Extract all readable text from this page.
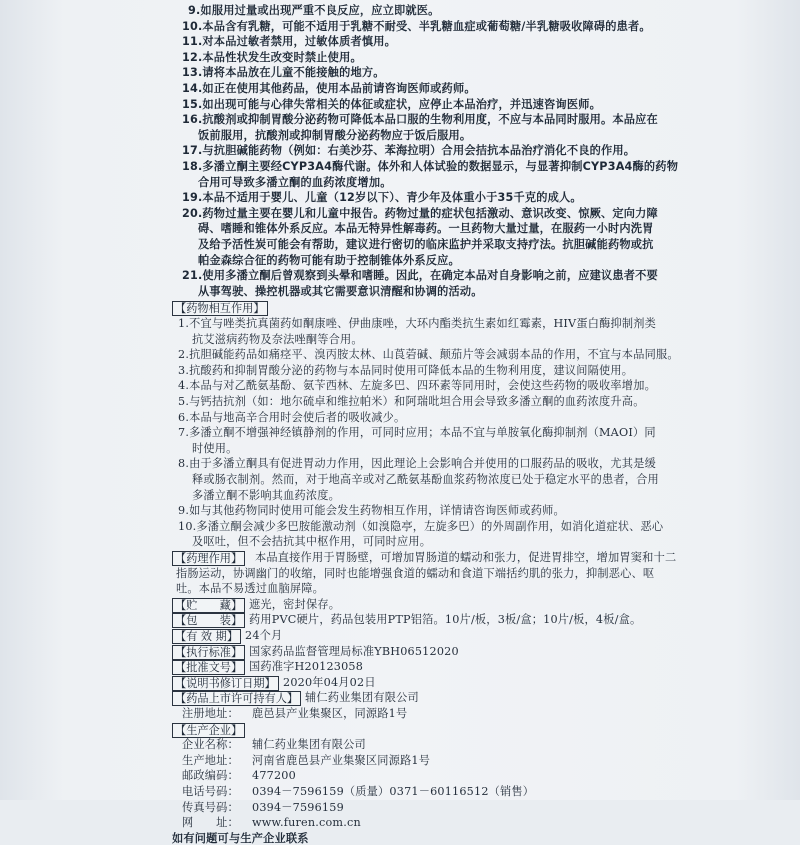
9.如服用过量或出现严重不良反应，应立即就医。
10.本品含有乳糖，可能不适用于乳糖不耐受、半乳糖血症或葡萄糖/半乳糖吸收障碍的患者。
11.对本品过敏者禁用，过敏体质者慎用。
12.本品性状发生改变时禁止使用。
13.请将本品放在儿童不能接触的地方。
14.如正在使用其他药品，使用本品前请咨询医师或药师。
15.如出现可能与心律失常相关的体征或症状，应停止本品治疗，并迅速咨询医师。
16.抗酸剂或抑制胃酸分泌药物可降低本品口服的生物利用度，不应与本品同时服用。本品应在
饭前服用，抗酸剂或抑制胃酸分泌药物应于饭后服用。
17.与抗胆碱能药物（例如：右美沙芬、苯海拉明）合用会拮抗本品治疗消化不良的作用。
18.多潘立酮主要经CYP3A4酶代谢。体外和人体试验的数据显示，与显著抑制CYP3A4酶的药物
合用可导致多潘立酮的血药浓度增加。
19.本品不适用于婴儿、儿童（12岁以下）、青少年及体重小于35千克的成人。
20.药物过量主要在婴儿和儿童中报告。药物过量的症状包括激动、意识改变、惊厥、定向力障
碍、嗜睡和锥体外系反应。本品无特异性解毒药。一旦药物大量过量，在服药一小时内洗胃
及给予活性炭可能会有帮助，建议进行密切的临床监护并采取支持疗法。抗胆碱能药物或抗
帕金森综合征的药物可能有助于控制锥体外系反应。
21.使用多潘立酮后曾观察到头晕和嗜睡。因此，在确定本品对自身影响之前，应建议患者不要
从事驾驶、操控机器或其它需要意识清醒和协调的活动。
【药物相互作用】
1.不宜与唑类抗真菌药如酮康唑、伊曲康唑，大环内酯类抗生素如红霉素，HIV蛋白酶抑制剂类
抗艾滋病药物及奈法唑酮等合用。
2.抗胆碱能药品如痛痉平、溴丙胺太林、山莨菪碱、颠茄片等会减弱本品的作用，不宜与本品同服。
3.抗酸药和抑制胃酸分泌的药物与本品同时使用可降低本品的生物利用度，建议间隔使用。
4.本品与对乙酰氨基酚、氨苄西林、左旋多巴、四环素等同用时，会使这些药物的吸收率增加。
5.与钙拮抗剂（如：地尔硫卓和维拉帕米）和阿瑞吡坦合用会导致多潘立酮的血药浓度升高。
6.本品与地高辛合用时会使后者的吸收减少。
7.多潘立酮不增强神经镇静剂的作用，可同时应用；本品不宜与单胺氧化酶抑制剂（MAOI）同
时使用。
8.由于多潘立酮具有促进胃动力作用，因此理论上会影响合并使用的口服药品的吸收，尤其是缓
释或肠衣制剂。然而，对于地高辛或对乙酰氨基酚血浆药物浓度已处于稳定水平的患者，合用
多潘立酮不影响其血药浓度。
9.如与其他药物同时使用可能会发生药物相互作用，详情请咨询医师或药师。
10.多潘立酮会减少多巴胺能激动剂（如溴隐亭，左旋多巴）的外周副作用，如消化道症状、恶心
及呕吐，但不会拮抗其中枢作用，可同时应用。
【药理作用】 本品直接作用于胃肠壁，可增加胃肠道的蠕动和张力，促进胃排空，增加胃窦和十二
指肠运动，协调幽门的收缩，同时也能增强食道的蠕动和食道下端括约肌的张力，抑制恶心、呕
吐。本品不易透过血脑屏障。
【贮　　藏】 遮光，密封保存。
【包　　装】 药用PVC硬片，药品包装用PTP铝箔。10片/板，3板/盒；10片/板，4板/盒。
【有 效 期】 24个月
【执行标准】 国家药品监督管理局标准YBH06512020
【批准文号】 国药准字H20123058
【说明书修订日期】 2020年04月02日
【药品上市许可持有人】 辅仁药业集团有限公司
注册地址： 鹿邑县产业集聚区，同源路1号
【生产企业】
企业名称： 辅仁药业集团有限公司
生产地址： 河南省鹿邑县产业集聚区同源路1号
邮政编码： 477200
电话号码： 0394－7596159（质量）0371－60116512（销售）
传真号码： 0394－7596159
网　　址： www.furen.com.cn
如有问题可与生产企业联系
